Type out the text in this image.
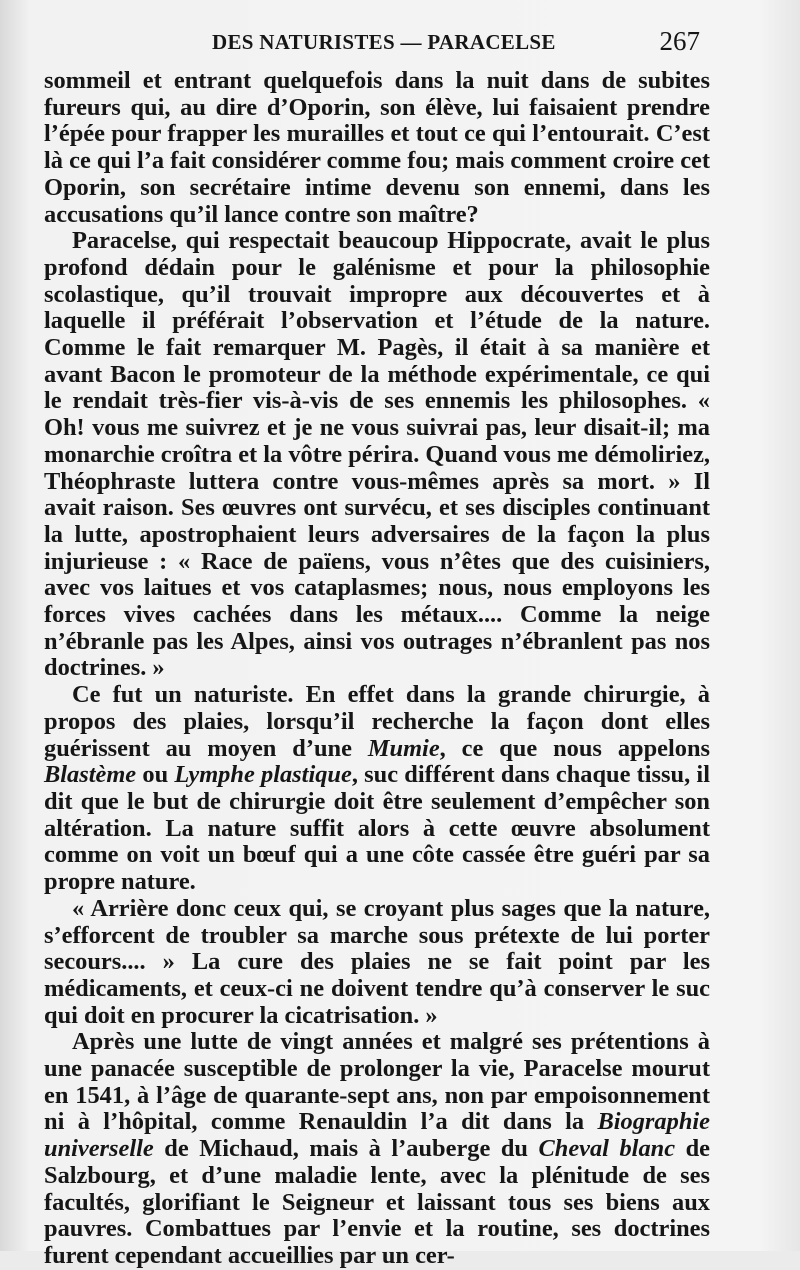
DES NATURISTES — PARACELSE	267

sommeil et entrant quelquefois dans la nuit dans de subites fureurs qui, au dire d’Oporin, son élève, lui faisaient prendre l’épée pour frapper les murailles et tout ce qui l’entourait. C’est là ce qui l’a fait considérer comme fou; mais comment croire cet Oporin, son secrétaire intime devenu son ennemi, dans les accusations qu’il lance contre son maître?

Paracelse, qui respectait beaucoup Hippocrate, avait le plus profond dédain pour le galénisme et pour la philosophie scolastique, qu’il trouvait impropre aux découvertes et à laquelle il préférait l’observation et l’étude de la nature. Comme le fait remarquer M. Pagès, il était à sa manière et avant Bacon le promoteur de la méthode expérimentale, ce qui le rendait très-fier vis-à-vis de ses ennemis les philosophes. « Oh! vous me suivrez et je ne vous suivrai pas, leur disait-il; ma monarchie croîtra et la vôtre périra. Quand vous me démoliriez, Théophraste luttera contre vous-mêmes après sa mort. » Il avait raison. Ses œuvres ont survécu, et ses disciples continuant la lutte, apostrophaient leurs adversaires de la façon la plus injurieuse : « Race de païens, vous n’êtes que des cuisiniers, avec vos laitues et vos cataplasmes; nous, nous employons les forces vives cachées dans les métaux.... Comme la neige n’ébranle pas les Alpes, ainsi vos outrages n’ébranlent pas nos doctrines. »

Ce fut un naturiste. En effet dans la grande chirurgie, à propos des plaies, lorsqu’il recherche la façon dont elles guérissent au moyen d’une Mumie, ce que nous appelons Blastème ou Lymphe plastique, suc différent dans chaque tissu, il dit que le but de chirurgie doit être seulement d’empêcher son altération. La nature suffit alors à cette œuvre absolument comme on voit un bœuf qui a une côte cassée être guéri par sa propre nature.

« Arrière donc ceux qui, se croyant plus sages que la nature, s’efforcent de troubler sa marche sous prétexte de lui porter secours.... » La cure des plaies ne se fait point par les médicaments, et ceux-ci ne doivent tendre qu’à conserver le suc qui doit en procurer la cicatrisation. »

Après une lutte de vingt années et malgré ses prétentions à une panacée susceptible de prolonger la vie, Paracelse mourut en 1541, à l’âge de quarante-sept ans, non par empoisonnement ni à l’hôpital, comme Renauldin l’a dit dans la Biographie universelle de Michaud, mais à l’auberge du Cheval blanc de Salzbourg, et d’une maladie lente, avec la plénitude de ses facultés, glorifiant le Seigneur et laissant tous ses biens aux pauvres. Combattues par l’envie et la routine, ses doctrines furent cependant accueillies par un cer-
